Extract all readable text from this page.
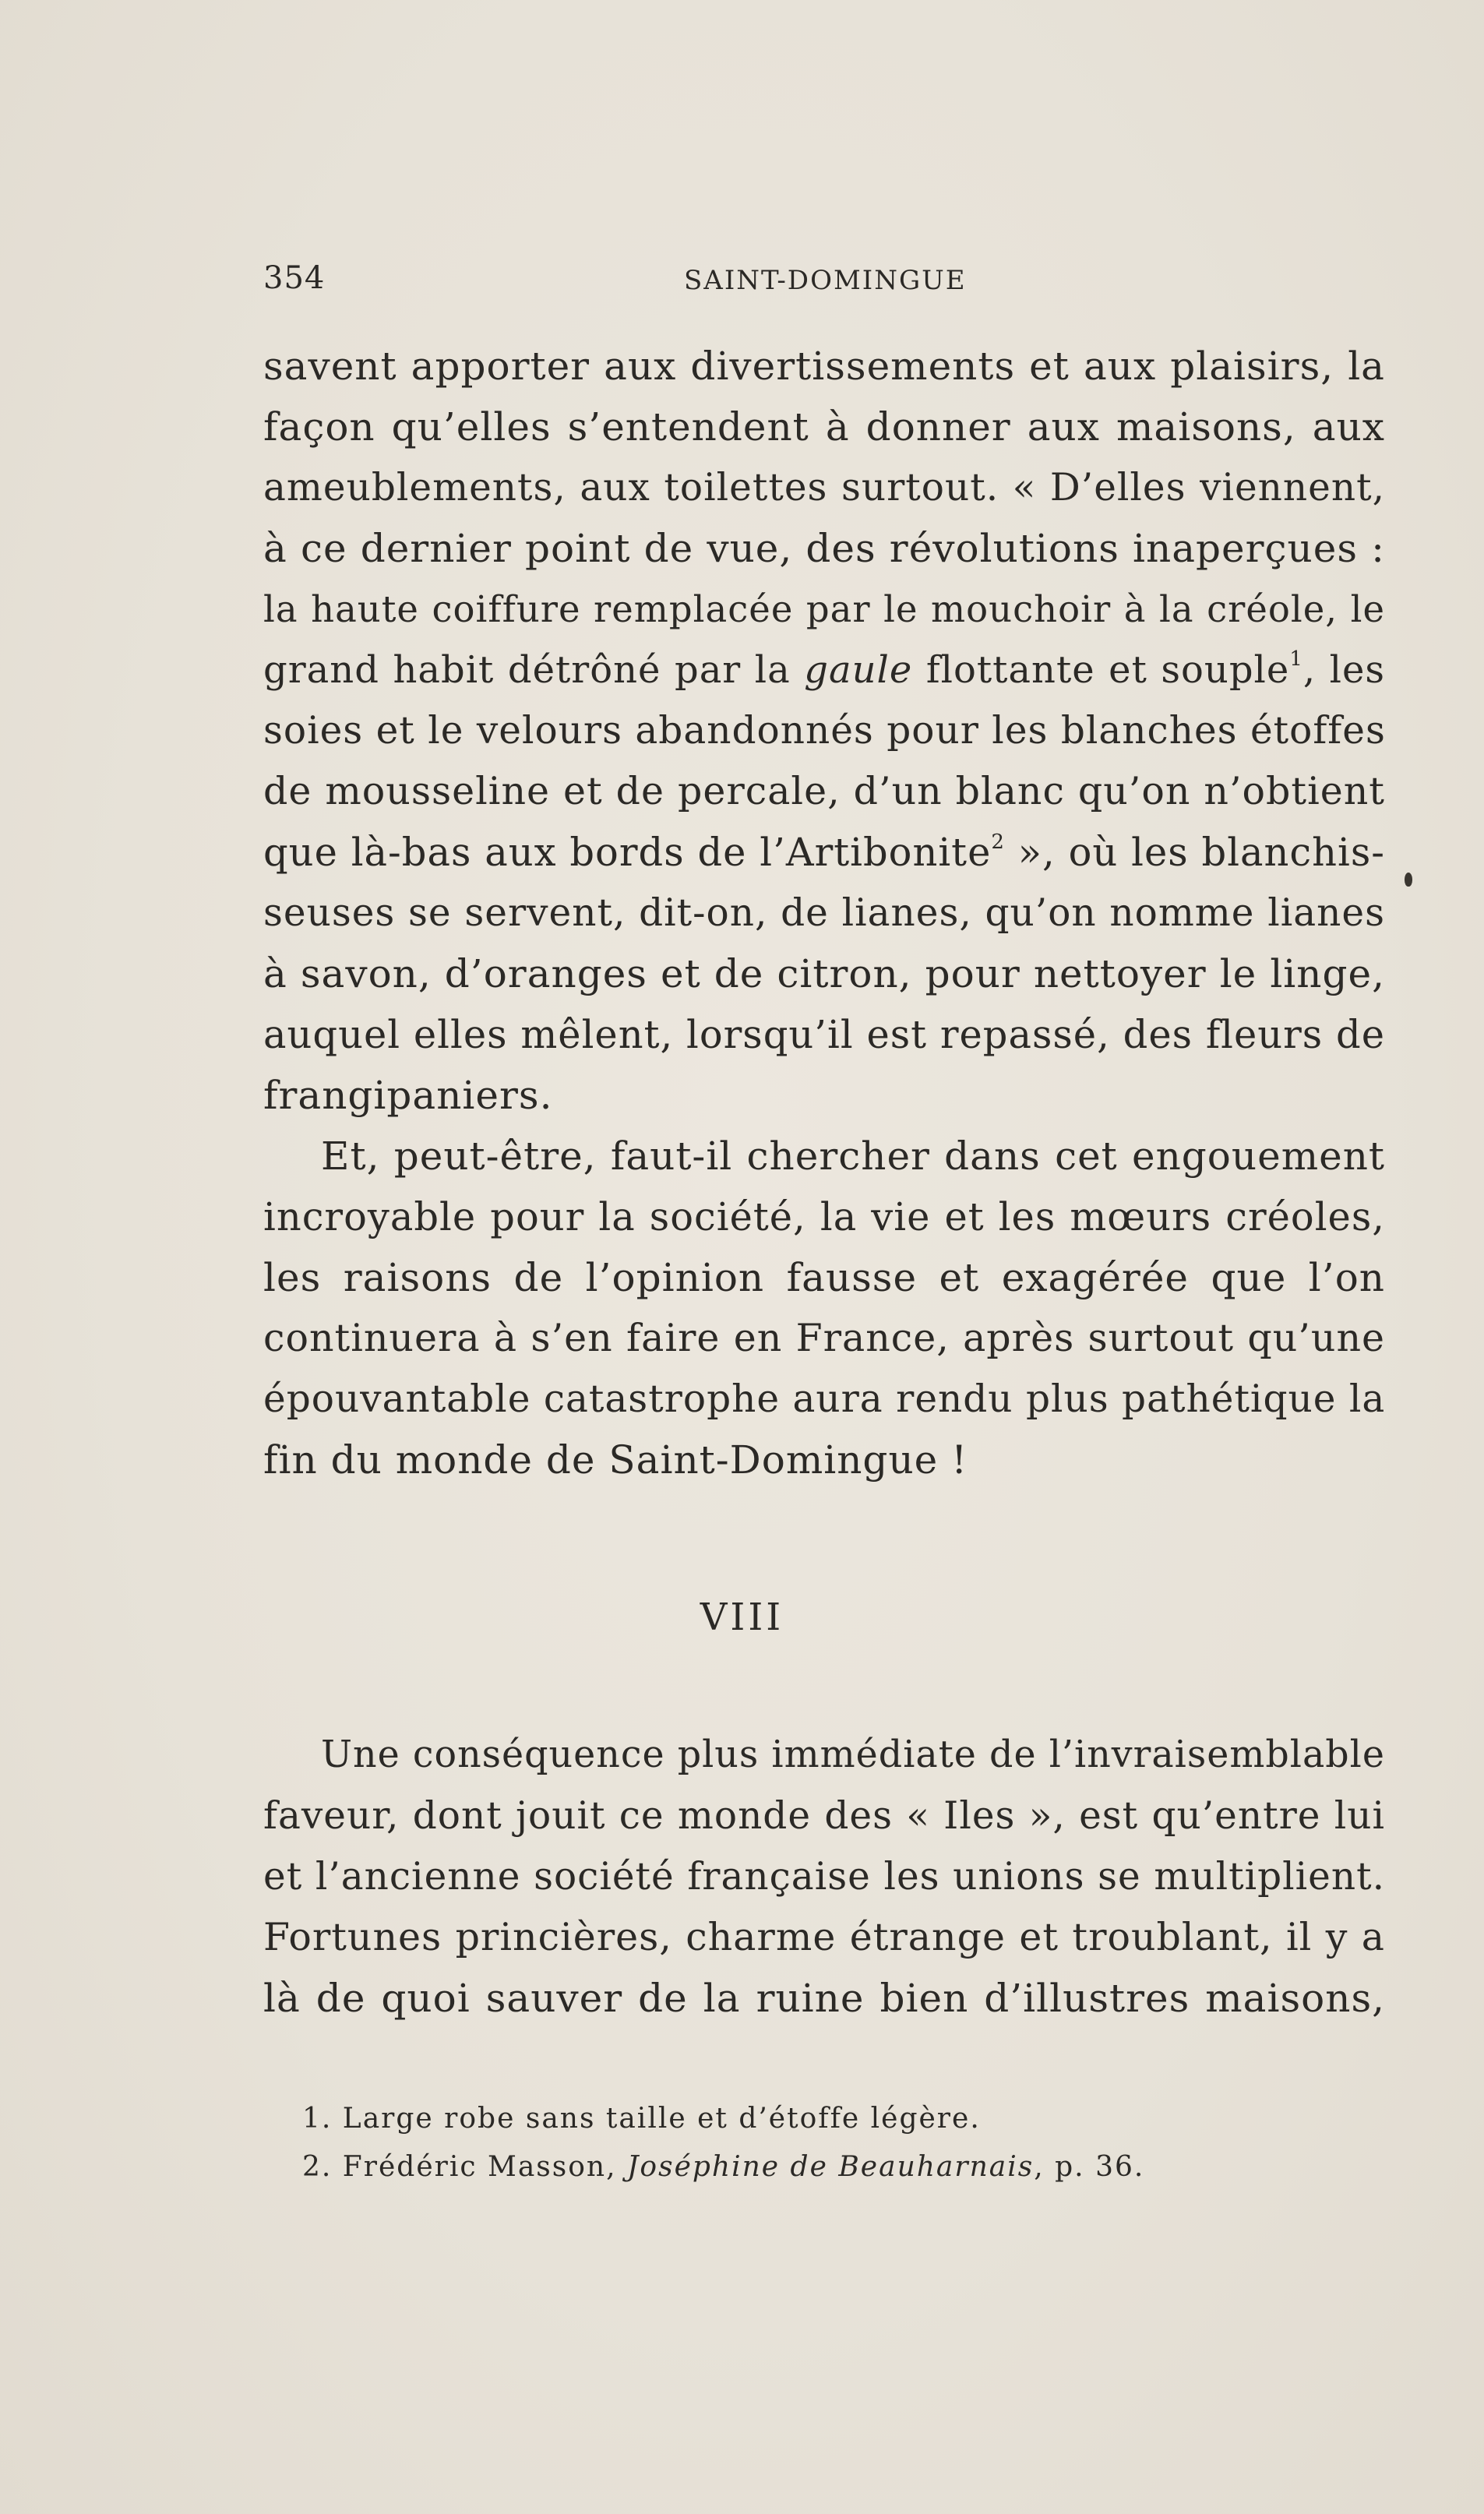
354	SAINT-DOMINGUE
savent apporter aux divertissements et aux plaisirs, la
façon qu’elles s’entendent à donner aux maisons, aux
ameublements, aux toilettes surtout. « D’elles viennent,
à ce dernier point de vue, des révolutions inaperçues :
la haute coiffure remplacée par le mouchoir à la créole, le
grand habit détrôné par la gaule flottante et souple$^1$, les
soies et le velours abandonnés pour les blanches étoffes
de mousseline et de percale, d’un blanc qu’on n’obtient
que là-bas aux bords de l’Artibonite$^2$ », où les blanchis-
seuses se servent, dit-on, de lianes, qu’on nomme lianes
à savon, d’oranges et de citron, pour nettoyer le linge,
auquel elles mêlent, lorsqu’il est repassé, des fleurs de
frangipaniers.
Et, peut-être, faut-il chercher dans cet engouement
incroyable pour la société, la vie et les mœurs créoles,
les raisons de l’opinion fausse et exagérée que l’on
continuera à s’en faire en France, après surtout qu’une
épouvantable catastrophe aura rendu plus pathétique la
fin du monde de Saint-Domingue !
VIII
Une conséquence plus immédiate de l’invraisemblable
faveur, dont jouit ce monde des « Iles », est qu’entre lui
et l’ancienne société française les unions se multiplient.
Fortunes princières, charme étrange et troublant, il y a
là de quoi sauver de la ruine bien d’illustres maisons,
1. Large robe sans taille et d’étoffe légère.
2. Frédéric Masson, Joséphine de Beauharnais, p. 36.
